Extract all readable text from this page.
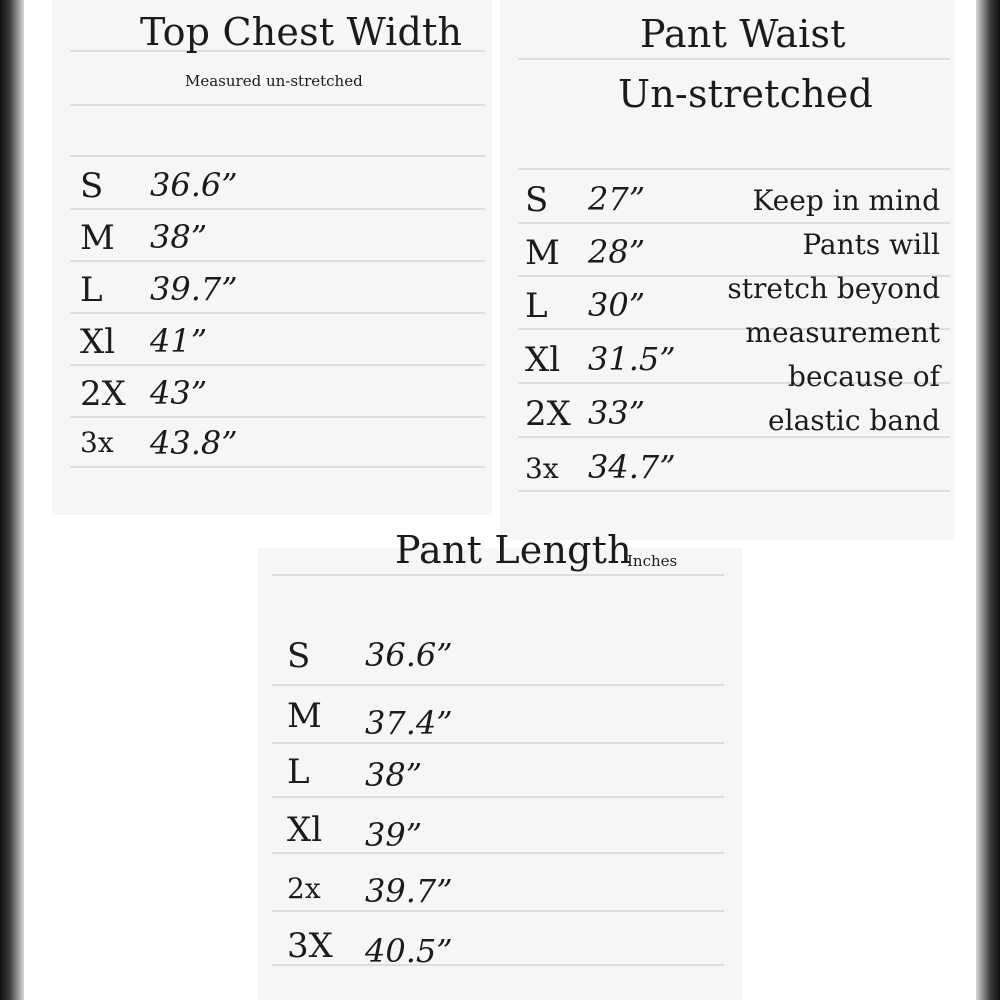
Top Chest Width
Measured un-stretched
S 36.6”
M 38”
L 39.7”
Xl 41”
2X 43”
3x 43.8”
Pant Waist
Un-stretched
S 27”
M 28”
L 30”
Xl 31.5”
2X 33”
3x 34.7”
Keep in mind
Pants will
stretch beyond
measurement
because of
elastic band
Pant Length
Inches
S 36.6”
M 37.4”
L 38”
Xl 39”
2x 39.7”
3X 40.5”
